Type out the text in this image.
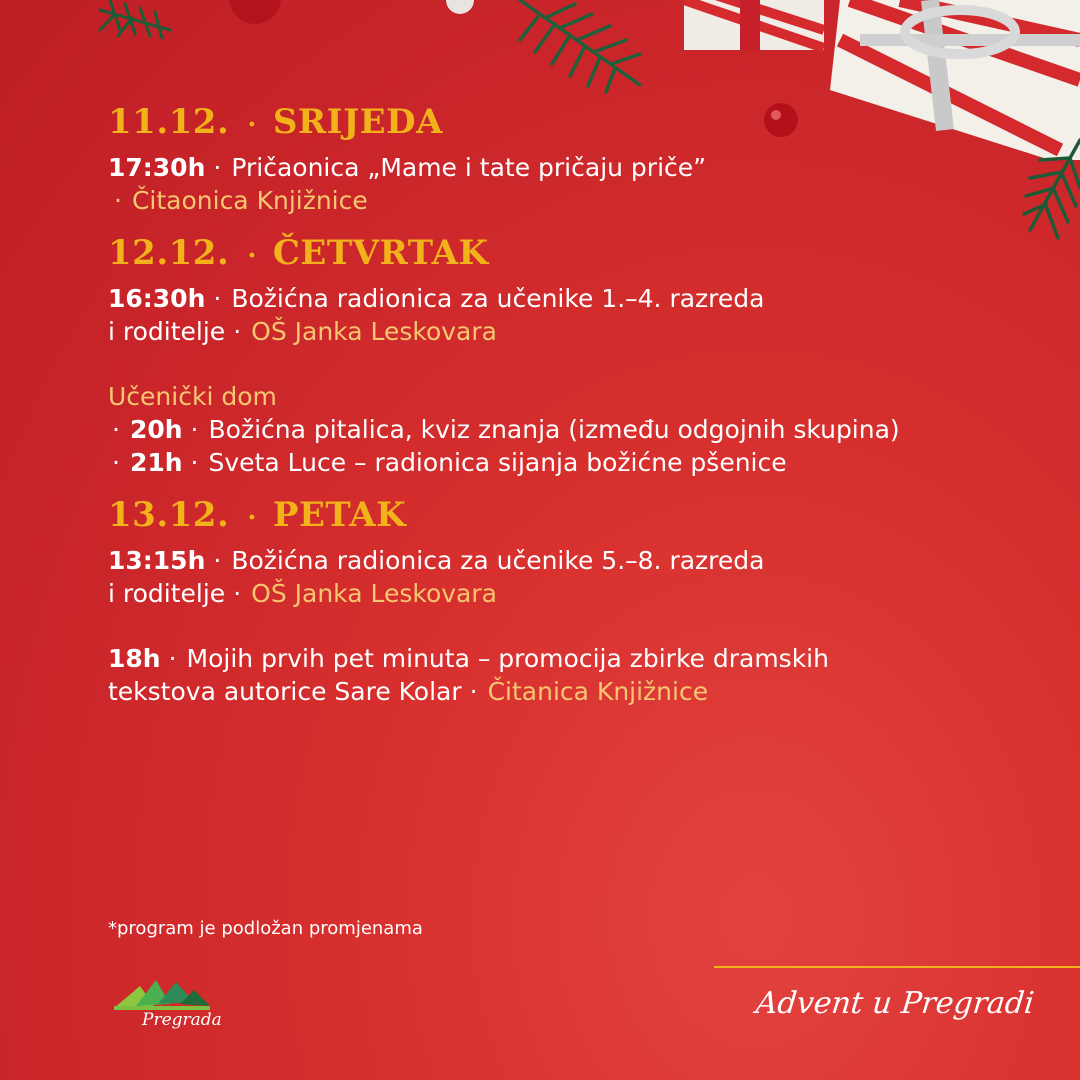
11.12. · SRIJEDA
17:30h · Pričaonica „Mame i tate pričaju priče”
· Čitaonica Knjižnice
12.12. · ČETVRTAK
16:30h · Božićna radionica za učenike 1.–4. razreda
i roditelje · OŠ Janka Leskovara
Učenički dom
· 20h · Božićna pitalica, kviz znanja (između odgojnih skupina)
· 21h · Sveta Luce – radionica sijanja božićne pšenice
13.12. · PETAK
13:15h · Božićna radionica za učenike 5.–8. razreda
i roditelje · OŠ Janka Leskovara
18h · Mojih prvih pet minuta – promocija zbirke dramskih
tekstova autorice Sare Kolar · Čitanica Knjižnice
*program je podložan promjenama
Pregrada	Advent u Pregradi
